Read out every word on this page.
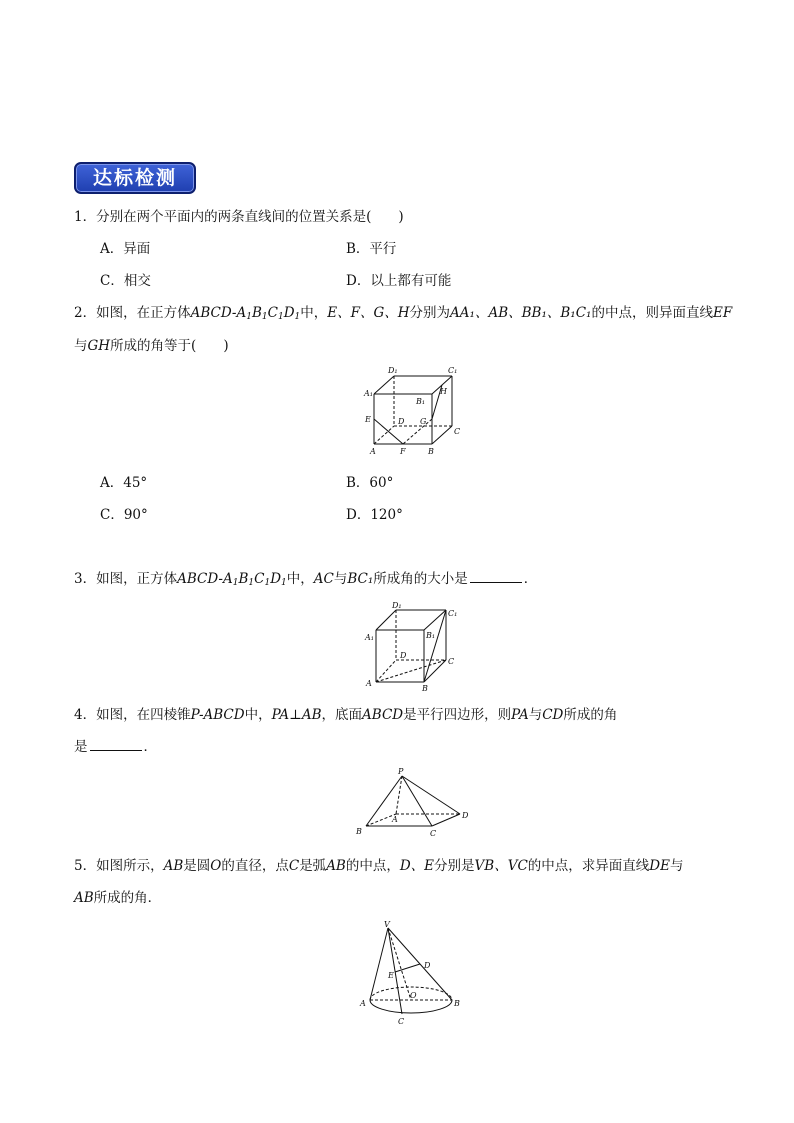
达标检测
1．分别在两个平面内的两条直线间的位置关系是(　　)
A．异面	B．平行
C．相交	D．以上都有可能
2．如图，在正方体ABCD-$A_1B_1C_1D_1$中，E、F、G、H分别为AA₁、AB、BB₁、B₁C₁的中点，则异面直线EF
与GH所成的角等于(　　)
D₁	C₁
A₁
B₁
H
E	D G
C
A	F	B
A．45°	B．60°
C．90°	D．120°
3．如图，正方体ABCD-$A_1B_1C_1D_1$中，AC与BC₁所成角的大小是	．
D₁
C₁
A₁	B₁
D
C
A
B
4．如图，在四棱锥P-ABCD中，PA⊥AB，底面ABCD是平行四边形，则PA与CD所成的角
是	．
P
A
B	C
D
5．如图所示，AB是圆O的直径，点C是弧AB的中点，D、E分别是VB、VC的中点，求异面直线DE与
AB所成的角．
V
D
E
O
A	B
C
